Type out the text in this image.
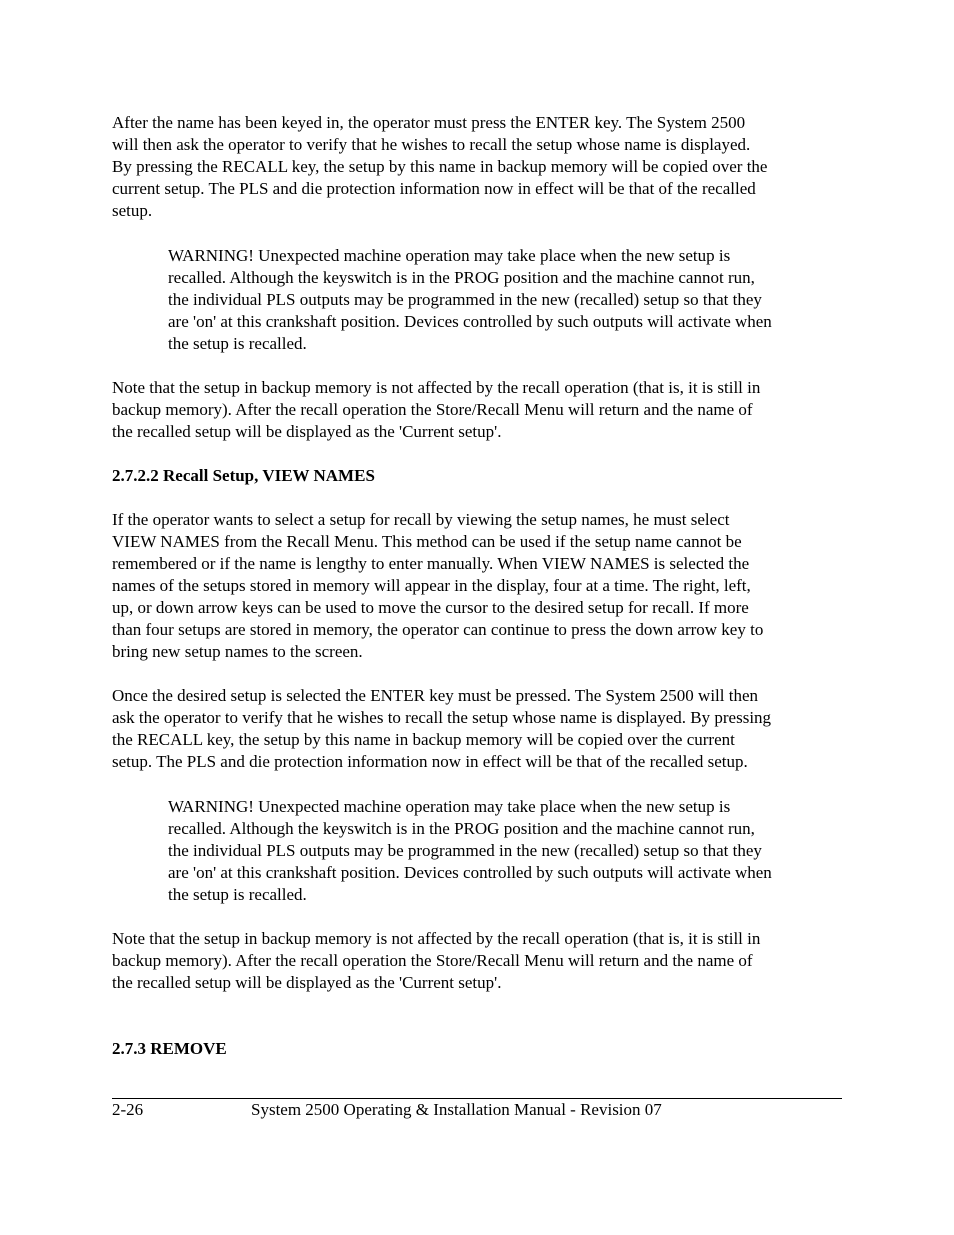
After the name has been keyed in, the operator must press the ENTER key. The System 2500
will then ask the operator to verify that he wishes to recall the setup whose name is displayed.
By pressing the RECALL key, the setup by this name in backup memory will be copied over the
current setup. The PLS and die protection information now in effect will be that of the recalled
setup.

WARNING! Unexpected machine operation may take place when the new setup is
recalled. Although the keyswitch is in the PROG position and the machine cannot run,
the individual PLS outputs may be programmed in the new (recalled) setup so that they
are 'on' at this crankshaft position. Devices controlled by such outputs will activate when
the setup is recalled.

Note that the setup in backup memory is not affected by the recall operation (that is, it is still in
backup memory). After the recall operation the Store/Recall Menu will return and the name of
the recalled setup will be displayed as the 'Current setup'.

2.7.2.2 Recall Setup, VIEW NAMES

If the operator wants to select a setup for recall by viewing the setup names, he must select
VIEW NAMES from the Recall Menu. This method can be used if the setup name cannot be
remembered or if the name is lengthy to enter manually. When VIEW NAMES is selected the
names of the setups stored in memory will appear in the display, four at a time. The right, left,
up, or down arrow keys can be used to move the cursor to the desired setup for recall. If more
than four setups are stored in memory, the operator can continue to press the down arrow key to
bring new setup names to the screen.

Once the desired setup is selected the ENTER key must be pressed. The System 2500 will then
ask the operator to verify that he wishes to recall the setup whose name is displayed. By pressing
the RECALL key, the setup by this name in backup memory will be copied over the current
setup. The PLS and die protection information now in effect will be that of the recalled setup.

WARNING! Unexpected machine operation may take place when the new setup is
recalled. Although the keyswitch is in the PROG position and the machine cannot run,
the individual PLS outputs may be programmed in the new (recalled) setup so that they
are 'on' at this crankshaft position. Devices controlled by such outputs will activate when
the setup is recalled.

Note that the setup in backup memory is not affected by the recall operation (that is, it is still in
backup memory). After the recall operation the Store/Recall Menu will return and the name of
the recalled setup will be displayed as the 'Current setup'.

2.7.3 REMOVE

2-26	System 2500 Operating & Installation Manual - Revision 07
